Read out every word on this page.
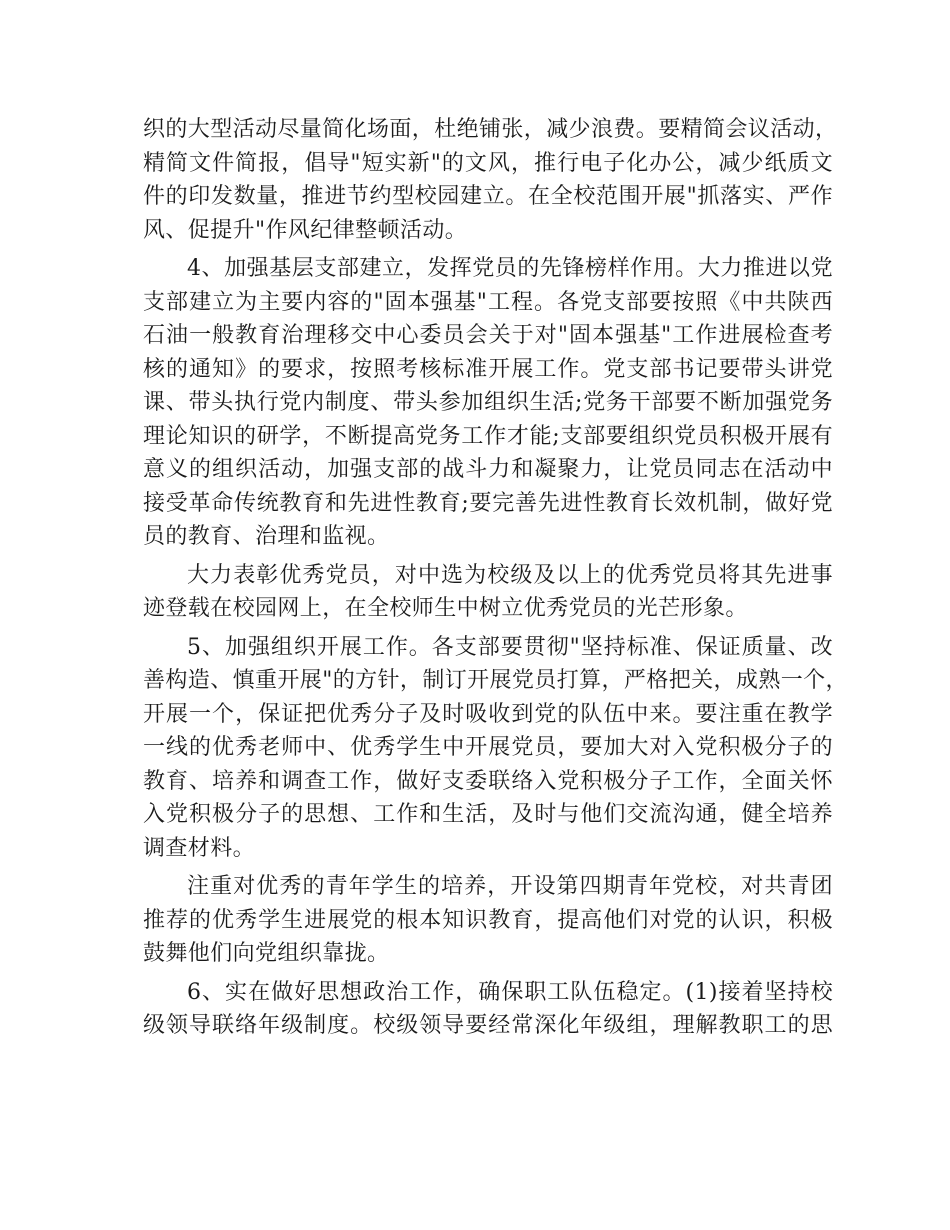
织的大型活动尽量简化场面，杜绝铺张，减少浪费。要精简会议活动，
精简文件简报，倡导"短实新"的文风，推行电子化办公，减少纸质文
件的印发数量，推进节约型校园建立。在全校范围开展"抓落实、严作
风、促提升"作风纪律整顿活动。
4、加强基层支部建立，发挥党员的先锋榜样作用。大力推进以党
支部建立为主要内容的"固本强基"工程。各党支部要按照《中共陕西
石油一般教育治理移交中心委员会关于对"固本强基"工作进展检查考
核的通知》的要求，按照考核标准开展工作。党支部书记要带头讲党
课、带头执行党内制度、带头参加组织生活;党务干部要不断加强党务
理论知识的研学，不断提高党务工作才能;支部要组织党员积极开展有
意义的组织活动，加强支部的战斗力和凝聚力，让党员同志在活动中
接受革命传统教育和先进性教育;要完善先进性教育长效机制，做好党
员的教育、治理和监视。
大力表彰优秀党员，对中选为校级及以上的优秀党员将其先进事
迹登载在校园网上，在全校师生中树立优秀党员的光芒形象。
5、加强组织开展工作。各支部要贯彻"坚持标准、保证质量、改
善构造、慎重开展"的方针，制订开展党员打算，严格把关，成熟一个，
开展一个，保证把优秀分子及时吸收到党的队伍中来。要注重在教学
一线的优秀老师中、优秀学生中开展党员，要加大对入党积极分子的
教育、培养和调查工作，做好支委联络入党积极分子工作，全面关怀
入党积极分子的思想、工作和生活，及时与他们交流沟通，健全培养
调查材料。
注重对优秀的青年学生的培养，开设第四期青年党校，对共青团
推荐的优秀学生进展党的根本知识教育，提高他们对党的认识，积极
鼓舞他们向党组织靠拢。
6、实在做好思想政治工作，确保职工队伍稳定。(1)接着坚持校
级领导联络年级制度。校级领导要经常深化年级组，理解教职工的思
